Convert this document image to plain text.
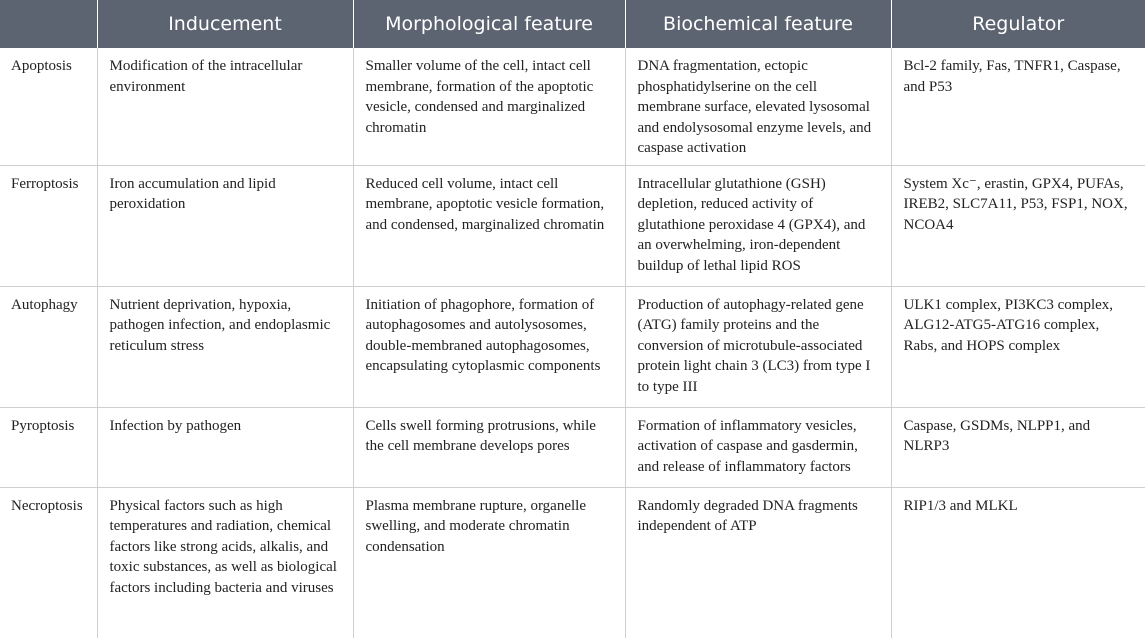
	Inducement	Morphological feature	Biochemical feature	Regulator
Apoptosis	Modification of the intracellular environment	Smaller volume of the cell, intact cell membrane, formation of the apoptotic vesicle, condensed and marginalized chromatin	DNA fragmentation, ectopic phosphatidylserine on the cell membrane surface, elevated lysosomal and endolysosomal enzyme levels, and caspase activation	Bcl-2 family, Fas, TNFR1, Caspase, and P53
Ferroptosis	Iron accumulation and lipid peroxidation	Reduced cell volume, intact cell membrane, apoptotic vesicle formation, and condensed, marginalized chromatin	Intracellular glutathione (GSH) depletion, reduced activity of glutathione peroxidase 4 (GPX4), and an overwhelming, iron-dependent buildup of lethal lipid ROS	System Xc⁻, erastin, GPX4, PUFAs, IREB2, SLC7A11, P53, FSP1, NOX, NCOA4
Autophagy	Nutrient deprivation, hypoxia, pathogen infection, and endoplasmic reticulum stress	Initiation of phagophore, formation of autophagosomes and autolysosomes, double-membraned autophagosomes, encapsulating cytoplasmic components	Production of autophagy-related gene (ATG) family proteins and the conversion of microtubule-associated protein light chain 3 (LC3) from type I to type III	ULK1 complex, PI3KC3 complex, ALG12-ATG5-ATG16 complex, Rabs, and HOPS complex
Pyroptosis	Infection by pathogen	Cells swell forming protrusions, while the cell membrane develops pores	Formation of inflammatory vesicles, activation of caspase and gasdermin, and release of inflammatory factors	Caspase, GSDMs, NLPP1, and NLRP3
Necroptosis	Physical factors such as high temperatures and radiation, chemical factors like strong acids, alkalis, and toxic substances, as well as biological factors including bacteria and viruses	Plasma membrane rupture, organelle swelling, and moderate chromatin condensation	Randomly degraded DNA fragments independent of ATP	RIP1/3 and MLKL
